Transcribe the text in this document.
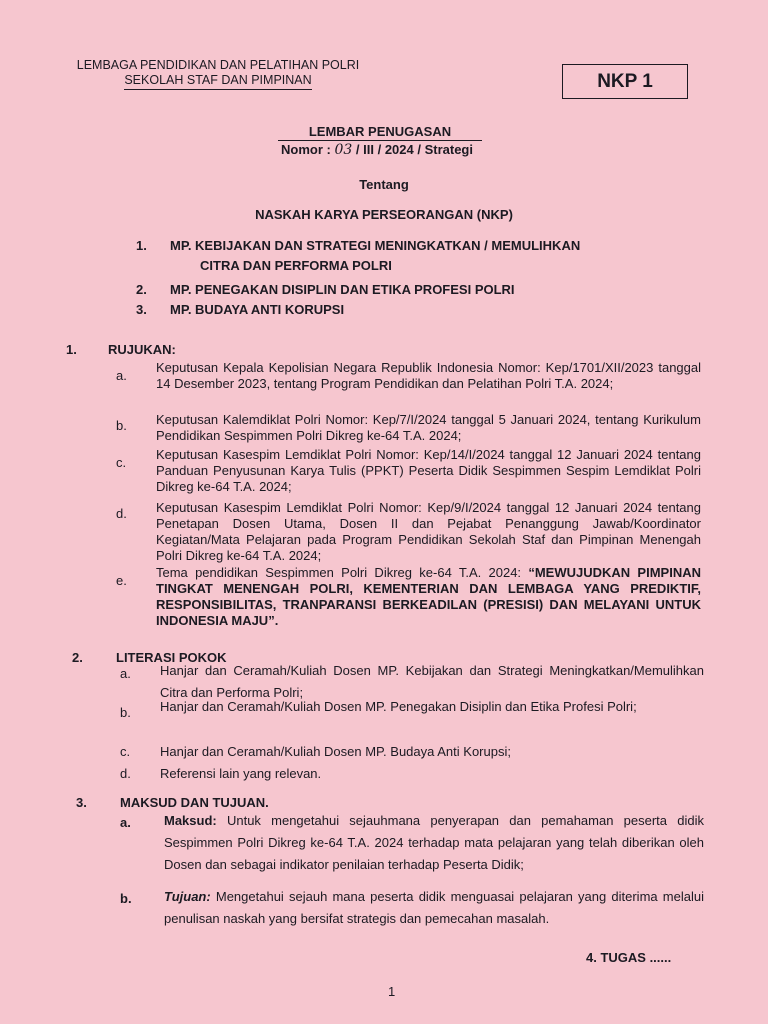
LEMBAGA PENDIDIKAN DAN PELATIHAN POLRI
SEKOLAH STAF DAN PIMPINAN	NKP 1
LEMBAR PENUGASAN
Nomor : 03 / III / 2024 / Strategi
Tentang
NASKAH KARYA PERSEORANGAN (NKP)
1. MP. KEBIJAKAN DAN STRATEGI MENINGKATKAN / MEMULIHKAN
CITRA DAN PERFORMA POLRI
2. MP. PENEGAKAN DISIPLIN DAN ETIKA PROFESI POLRI
3. MP. BUDAYA ANTI KORUPSI
1. RUJUKAN:
a.
Keputusan Kepala Kepolisian Negara Republik Indonesia Nomor: Kep/1701/XII/2023 tanggal 14 Desember 2023, tentang Program Pendidikan dan Pelatihan Polri T.A. 2024;
b. Keputusan Kalemdiklat Polri Nomor: Kep/7/I/2024 tanggal 5 Januari 2024, tentang Kurikulum Pendidikan Sespimmen Polri Dikreg ke-64 T.A. 2024;
c.
Keputusan Kasespim Lemdiklat Polri Nomor: Kep/14/I/2024 tanggal 12 Januari 2024 tentang Panduan Penyusunan Karya Tulis (PPKT) Peserta Didik Sespimmen Sespim Lemdiklat Polri Dikreg ke-64 T.A. 2024;
d. Keputusan Kasespim Lemdiklat Polri Nomor: Kep/9/I/2024 tanggal 12 Januari 2024 tentang Penetapan Dosen Utama, Dosen II dan Pejabat Penanggung Jawab/Koordinator Kegiatan/Mata Pelajaran pada Program Pendidikan Sekolah Staf dan Pimpinan Menengah Polri Dikreg ke-64 T.A. 2024;
e.
Tema pendidikan Sespimmen Polri Dikreg ke-64 T.A. 2024: “MEWUJUDKAN PIMPINAN TINGKAT MENENGAH POLRI, KEMENTERIAN DAN LEMBAGA YANG PREDIKTIF, RESPONSIBILITAS, TRANPARANSI BERKEADILAN (PRESISI) DAN MELAYANI UNTUK INDONESIA MAJU”.
2.	LITERASI POKOK
a. Hanjar dan Ceramah/Kuliah Dosen MP. Kebijakan dan Strategi Meningkatkan/Memulihkan Citra dan Performa Polri;
b. Hanjar dan Ceramah/Kuliah Dosen MP. Penegakan Disiplin dan Etika Profesi Polri;
c. Hanjar dan Ceramah/Kuliah Dosen MP. Budaya Anti Korupsi;
d. Referensi lain yang relevan.
3.	MAKSUD DAN TUJUAN.
a.	Maksud: Untuk mengetahui sejauhmana penyerapan dan pemahaman peserta didik Sespimmen Polri Dikreg ke-64 T.A. 2024 terhadap mata pelajaran yang telah diberikan oleh Dosen dan sebagai indikator penilaian terhadap Peserta Didik;
b. Tujuan: Mengetahui sejauh mana peserta didik menguasai pelajaran yang diterima melalui penulisan naskah yang bersifat strategis dan pemecahan masalah.
4. TUGAS ......
1
